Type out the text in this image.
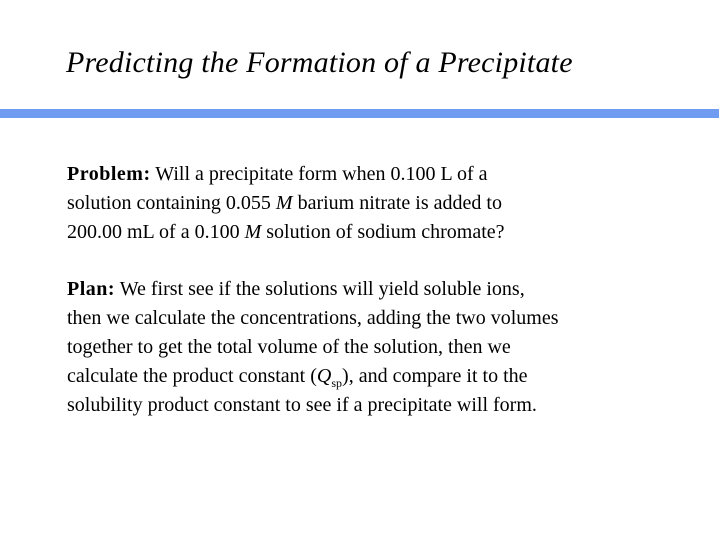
Predicting the Formation of a Precipitate

Problem: Will a precipitate form when 0.100 L of a
solution containing 0.055 M barium nitrate is added to
200.00 mL of a 0.100 M solution of sodium chromate?

Plan: We first see if the solutions will yield soluble ions,
then we calculate the concentrations, adding the two volumes
together to get the total volume of the solution, then we
calculate the product constant $(Q_{sp})$, and compare it to the
solubility product constant to see if a precipitate will form.
